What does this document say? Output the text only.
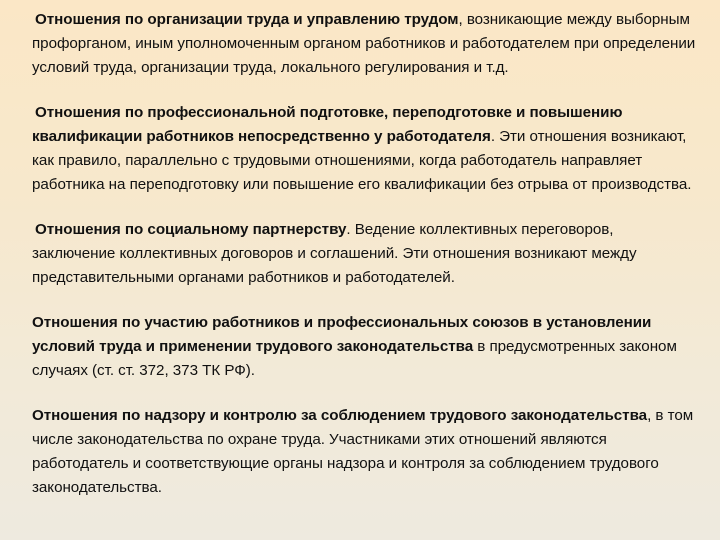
Отношения по организации труда и управлению трудом, возникающие между выборным профорганом, иным уполномоченным органом работников и работодателем при определении условий труда, организации труда, локального регулирования и т.д.

Отношения по профессиональной подготовке, переподготовке и повышению квалификации работников непосредственно у работодателя. Эти отношения возникают, как правило, параллельно с трудовыми отношениями, когда работодатель направляет работника на переподготовку или повышение его квалификации без отрыва от производства.

Отношения по социальному партнерству. Ведение коллективных переговоров, заключение коллективных договоров и соглашений. Эти отношения возникают между представительными органами работников и работодателей.

Отношения по участию работников и профессиональных союзов в установлении условий труда и применении трудового законодательства в предусмотренных законом случаях (ст. ст. 372, 373 ТК РФ).

Отношения по надзору и контролю за соблюдением трудового законодательства, в том числе законодательства по охране труда. Участниками этих отношений являются работодатель и соответствующие органы надзора и контроля за соблюдением трудового законодательства.
